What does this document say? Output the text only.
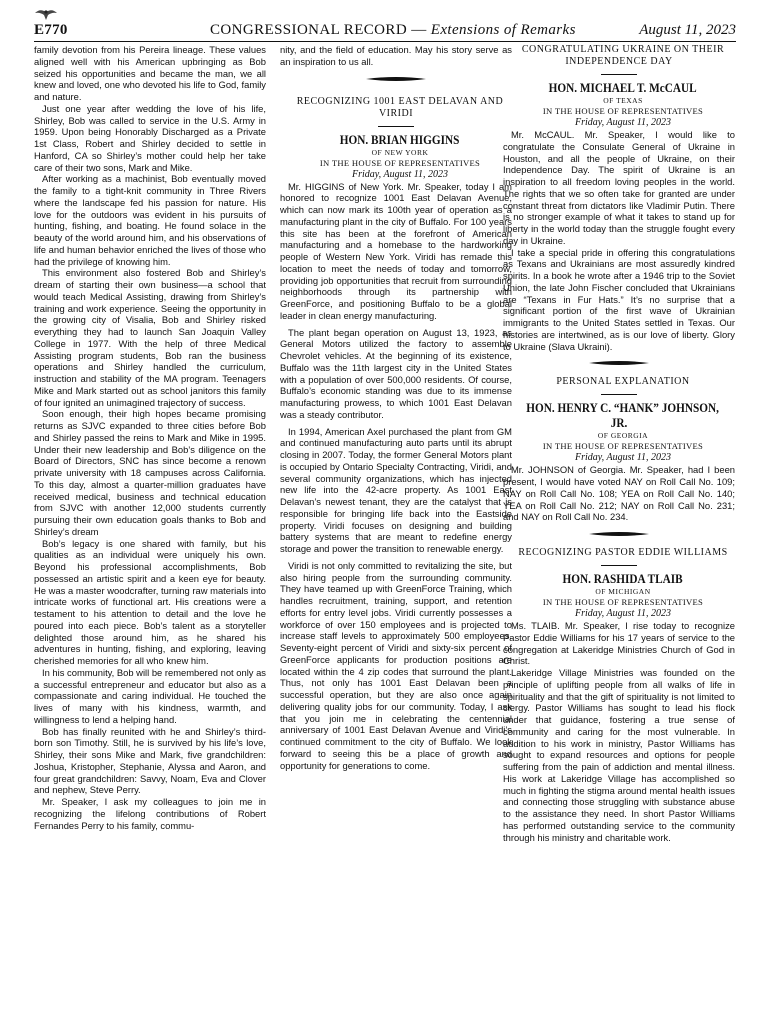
E770	CONGRESSIONAL RECORD — Extensions of Remarks	August 11, 2023

family devotion from his Pereira lineage. These values aligned well with his American upbringing as Bob seized his opportunities and became the man, we all knew and loved, one who devoted his life to God, family and nature.

Just one year after wedding the love of his life, Shirley, Bob was called to service in the U.S. Army in 1959. Upon being Honorably Discharged as a Private 1st Class, Robert and Shirley decided to settle in Hanford, CA so Shirley’s mother could help her take care of their two sons, Mark and Mike.

After working as a machinist, Bob eventually moved the family to a tight-knit community in Three Rivers where the landscape fed his passion for nature. His love for the outdoors was evident in his pursuits of hunting, fishing, and boating. He found solace in the beauty of the world around him, and his observations of life and human behavior enriched the lives of those who had the privilege of knowing him.

This environment also fostered Bob and Shirley’s dream of starting their own business—a school that would teach Medical Assisting, drawing from Shirley’s training and work experience. Seeing the opportunity in the growing city of Visalia, Bob and Shirley risked everything they had to launch San Joaquin Valley College in 1977. With the help of three Medical Assisting program students, Bob ran the business operations and Shirley handled the curriculum, instruction and stability of the MA program. Teenagers Mike and Mark started out as school janitors this family of four ignited an unimagined trajectory of success.

Soon enough, their high hopes became promising returns as SJVC expanded to three cities before Bob and Shirley passed the reins to Mark and Mike in 1995. Under their new leadership and Bob’s diligence on the Board of Directors, SNC has since become a renown private university with 18 campuses across California. To this day, almost a quarter-million graduates have received medical, business and technical education from SJVC with another 12,000 students currently pursuing their own education goals thanks to Bob and Shirley’s dream

Bob’s legacy is one shared with family, but his qualities as an individual were uniquely his own. Beyond his professional accomplishments, Bob possessed an artistic spirit and a keen eye for beauty. He was a master woodcrafter, turning raw materials into intricate works of functional art. His creations were a testament to his attention to detail and the love he poured into each piece. Bob’s talent as a storyteller delighted those around him, as he shared his adventures in hunting, fishing, and exploring, leaving cherished memories for all who knew him.

In his community, Bob will be remembered not only as a successful entrepreneur and educator but also as a compassionate and caring individual. He touched the lives of many with his kindness, warmth, and willingness to lend a helping hand.

Bob has finally reunited with he and Shirley’s third-born son Timothy. Still, he is survived by his life’s love, Shirley, their sons Mike and Mark, five grandchildren: Joshua, Kristopher, Stephanie, Alyssa and Aaron, and four great grandchildren: Savvy, Noam, Eva and Clover and nephew, Steve Perry.

Mr. Speaker, I ask my colleagues to join me in recognizing the lifelong contributions of Robert Fernandes Perry to his family, commu-

nity, and the field of education. May his story serve as an inspiration to us all.

RECOGNIZING 1001 EAST DELAVAN AND VIRIDI

HON. BRIAN HIGGINS

OF NEW YORK

IN THE HOUSE OF REPRESENTATIVES

Friday, August 11, 2023

Mr. HIGGINS of New York. Mr. Speaker, today I am honored to recognize 1001 East Delavan Avenue, which can now mark its 100th year of operation as a manufacturing plant in the city of Buffalo. For 100 years this site has been at the forefront of American manufacturing and a homebase to the hardworking people of Western New York. Viridi has remade this location to meet the needs of today and tomorrow, providing job opportunities that recruit from surrounding neighborhoods through its partnership with GreenForce, and positioning Buffalo to be a global leader in clean energy manufacturing.

The plant began operation on August 13, 1923, as General Motors utilized the factory to assemble Chevrolet vehicles. At the beginning of its existence, Buffalo was the 11th largest city in the United States with a population of over 500,000 residents. Of course, Buffalo’s economic standing was due to its immense manufacturing prowess, to which 1001 East Delavan was a steady contributor.

In 1994, American Axel purchased the plant from GM and continued manufacturing auto parts until its abrupt closing in 2007. Today, the former General Motors plant is occupied by Ontario Specialty Contracting, Viridi, and several community organizations, which has injected new life into the 42-acre property. As 1001 East Delavan’s newest tenant, they are the catalyst that is responsible for bringing life back into the Eastside property. Viridi focuses on designing and building battery systems that are meant to redefine energy storage and power the transition to renewable energy.

Viridi is not only committed to revitalizing the site, but also hiring people from the surrounding community. They have teamed up with GreenForce Training, which handles recruitment, training, support, and retention efforts for entry level jobs. Viridi currently possesses a workforce of over 150 employees and is projected to increase staff levels to approximately 500 employees. Seventy-eight percent of Viridi and sixty-six percent of GreenForce applicants for production positions are located within the 4 zip codes that surround the plant. Thus, not only has 1001 East Delavan been a successful operation, but they are also once again delivering quality jobs for our community. Today, I ask that you join me in celebrating the centennial anniversary of 1001 East Delavan Avenue and Viridi’s continued commitment to the city of Buffalo. We look forward to seeing this be a place of growth and opportunity for generations to come.

CONGRATULATING UKRAINE ON THEIR INDEPENDENCE DAY

HON. MICHAEL T. McCAUL

OF TEXAS

IN THE HOUSE OF REPRESENTATIVES

Friday, August 11, 2023

Mr. McCAUL. Mr. Speaker, I would like to congratulate the Consulate General of Ukraine in Houston, and all the people of Ukraine, on their Independence Day. The spirit of Ukraine is an inspiration to all freedom loving peoples in the world. The rights that we so often take for granted are under constant threat from dictators like Vladimir Putin. There is no stronger example of what it takes to stand up for liberty in the world today than the struggle fought every day in Ukraine.

I take a special pride in offering this congratulations as Texans and Ukrainians are most assuredly kindred spirits. In a book he wrote after a 1946 trip to the Soviet Union, the late John Fischer concluded that Ukrainians are “Texans in Fur Hats.” It’s no surprise that a significant portion of the first wave of Ukrainian immigrants to the United States settled in Texas. Our histories are intertwined, as is our love of liberty. Glory to Ukraine (Slava Ukraini).

PERSONAL EXPLANATION

HON. HENRY C. “HANK” JOHNSON, JR.

OF GEORGIA

IN THE HOUSE OF REPRESENTATIVES

Friday, August 11, 2023

Mr. JOHNSON of Georgia. Mr. Speaker, had I been present, I would have voted NAY on Roll Call No. 109; NAY on Roll Call No. 108; YEA on Roll Call No. 140; YEA on Roll Call No. 212; NAY on Roll Call No. 231; and NAY on Roll Call No. 234.

RECOGNIZING PASTOR EDDIE WILLIAMS

HON. RASHIDA TLAIB

OF MICHIGAN

IN THE HOUSE OF REPRESENTATIVES

Friday, August 11, 2023

Ms. TLAIB. Mr. Speaker, I rise today to recognize Pastor Eddie Williams for his 17 years of service to the congregation at Lakeridge Ministries Church of God in Christ.

Lakeridge Village Ministries was founded on the principle of uplifting people from all walks of life in spirituality and that the gift of spirituality is not limited to clergy. Pastor Williams has sought to lead his flock under that guidance, fostering a true sense of community and caring for the most vulnerable. In addition to his work in ministry, Pastor Williams has sought to expand resources and options for people suffering from the pain of addiction and mental illness. His work at Lakeridge Village has accomplished so much in fighting the stigma around mental health issues and connecting those struggling with substance abuse to the assistance they need. In short Pastor Williams has performed outstanding service to the community through his ministry and charitable work.
